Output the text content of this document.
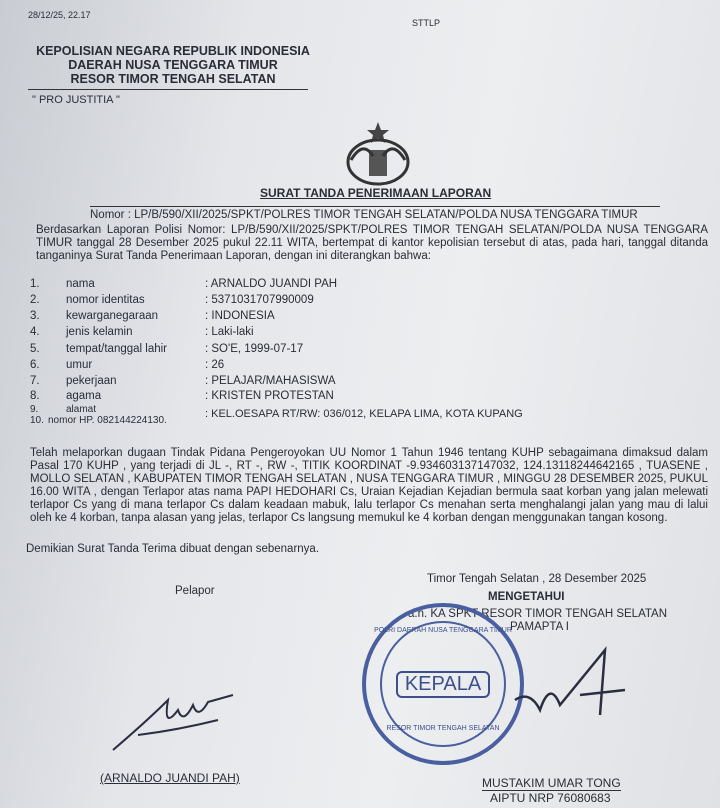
28/12/25, 22.17
STTLP
KEPOLISIAN NEGARA REPUBLIK INDONESIA
DAERAH NUSA TENGGARA TIMUR
RESOR TIMOR TENGAH SELATAN
" PRO JUSTITIA "
SURAT TANDA PENERIMAAN LAPORAN
Nomor : LP/B/590/XII/2025/SPKT/POLRES TIMOR TENGAH SELATAN/POLDA NUSA TENGGARA TIMUR
Berdasarkan Laporan Polisi Nomor: LP/B/590/XII/2025/SPKT/POLRES TIMOR TENGAH SELATAN/POLDA NUSA TENGGARA TIMUR tanggal 28 Desember 2025 pukul 22.11 WITA, bertempat di kantor kepolisian tersebut di atas, pada hari, tanggal ditanda tanganinya Surat Tanda Penerimaan Laporan, dengan ini diterangkan bahwa:
1.	nama	: ARNALDO JUANDI PAH
2.	nomor identitas	: 5371031707990009
3.	kewarganegaraan	: INDONESIA
4.	jenis kelamin	: Laki-laki
5.	tempat/tanggal lahir	: SO'E, 1999-07-17
6.	umur	: 26
7.	pekerjaan	: PELAJAR/MAHASISWA
8.	agama	: KRISTEN PROTESTAN
9.	alamat	: KEL.OESAPA RT/RW: 036/012, KELAPA LIMA, KOTA KUPANG
10. nomor HP. 082144224130.
Telah melaporkan dugaan Tindak Pidana Pengeroyokan UU Nomor 1 Tahun 1946 tentang KUHP sebagaimana dimaksud dalam Pasal 170 KUHP , yang terjadi di JL -, RT -, RW -, TITIK KOORDINAT -9.934603137147032, 124.13118244642165 , TUASENE , MOLLO SELATAN , KABUPATEN TIMOR TENGAH SELATAN , NUSA TENGGARA TIMUR , MINGGU 28 DESEMBER 2025, PUKUL 16.00 WITA , dengan Terlapor atas nama PAPI HEDOHARI Cs, Uraian Kejadian Kejadian bermula saat korban yang jalan melewati terlapor Cs yang di mana terlapor Cs dalam keadaan mabuk, lalu terlapor Cs menahan serta menghalangi jalan yang mau di lalui oleh ke 4 korban, tanpa alasan yang jelas, terlapor Cs langsung memukul ke 4 korban dengan menggunakan tangan kosong.
Demikian Surat Tanda Terima dibuat dengan sebenarnya.
Timor Tengah Selatan , 28 Desember 2025
MENGETAHUI
a.n. KA SPKT RESOR TIMOR TENGAH SELATAN
PAMAPTA I
Pelapor
POLRI DAERAH NUSA TENGGARA TIMUR
KEPALA
RESOR TIMOR TENGAH SELATAN
(ARNALDO JUANDI PAH)	MUSTAKIM UMAR TONG
AIPTU NRP 76080683
